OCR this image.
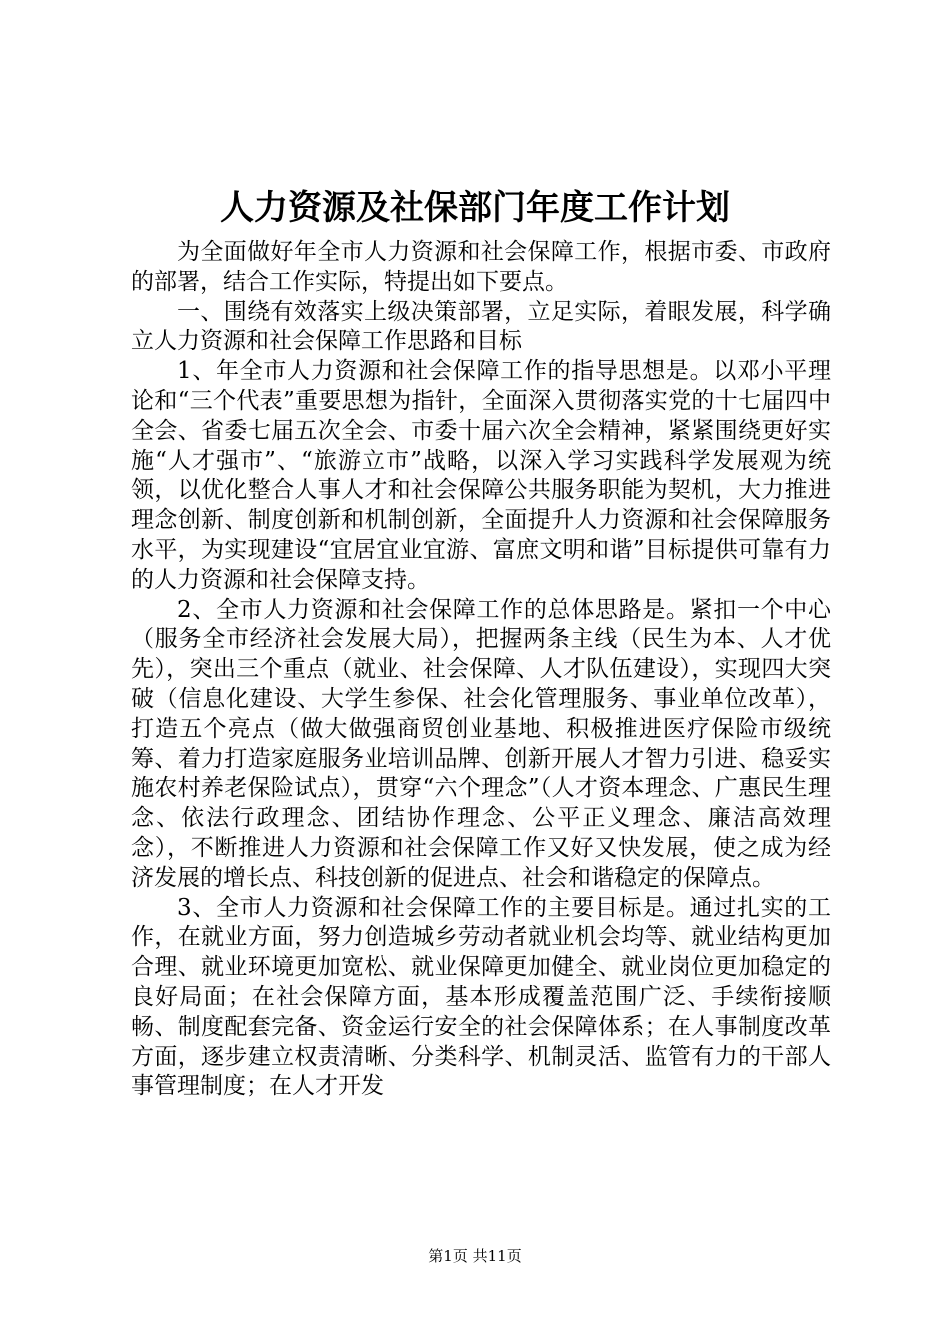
人力资源及社保部门年度工作计划

为全面做好年全市人力资源和社会保障工作，根据市委、市政府的部署，结合工作实际，特提出如下要点。

一、围绕有效落实上级决策部署，立足实际，着眼发展，科学确立人力资源和社会保障工作思路和目标

1、年全市人力资源和社会保障工作的指导思想是。以邓小平理论和“三个代表”重要思想为指针，全面深入贯彻落实党的十七届四中全会、省委七届五次全会、市委十届六次全会精神，紧紧围绕更好实施“人才强市”、“旅游立市”战略，以深入学习实践科学发展观为统领，以优化整合人事人才和社会保障公共服务职能为契机，大力推进理念创新、制度创新和机制创新，全面提升人力资源和社会保障服务水平，为实现建设“宜居宜业宜游、富庶文明和谐”目标提供可靠有力的人力资源和社会保障支持。

2、全市人力资源和社会保障工作的总体思路是。紧扣一个中心（服务全市经济社会发展大局），把握两条主线（民生为本、人才优先），突出三个重点（就业、社会保障、人才队伍建设），实现四大突破（信息化建设、大学生参保、社会化管理服务、事业单位改革），打造五个亮点（做大做强商贸创业基地、积极推进医疗保险市级统筹、着力打造家庭服务业培训品牌、创新开展人才智力引进、稳妥实施农村养老保险试点），贯穿“六个理念”（人才资本理念、广惠民生理念、依法行政理念、团结协作理念、公平正义理念、廉洁高效理念），不断推进人力资源和社会保障工作又好又快发展，使之成为经济发展的增长点、科技创新的促进点、社会和谐稳定的保障点。

3、全市人力资源和社会保障工作的主要目标是。通过扎实的工作，在就业方面，努力创造城乡劳动者就业机会均等、就业结构更加合理、就业环境更加宽松、就业保障更加健全、就业岗位更加稳定的良好局面；在社会保障方面，基本形成覆盖范围广泛、手续衔接顺畅、制度配套完备、资金运行安全的社会保障体系；在人事制度改革方面，逐步建立权责清晰、分类科学、机制灵活、监管有力的干部人事管理制度；在人才开发

第1页 共11页
